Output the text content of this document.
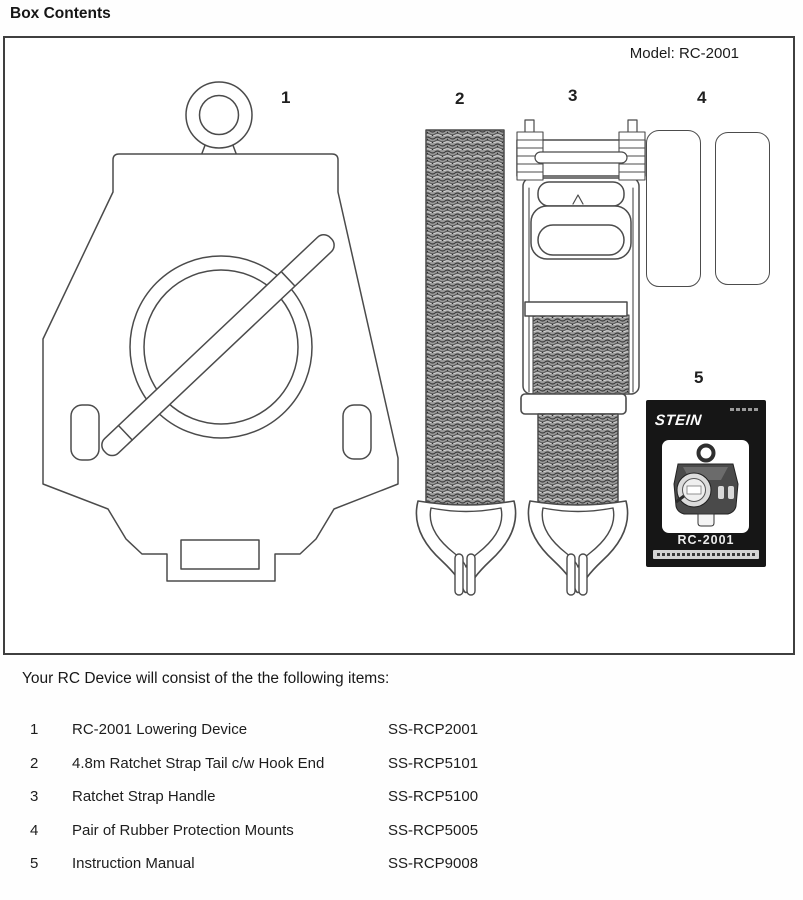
Box Contents
Model: RC-2001
STEIN
RC-2001
1	2	3	4
5
Your RC Device will consist of the the following items:
1 RC-2001 Lowering Device	SS-RCP2001
2 4.8m Ratchet Strap Tail c/w Hook End	SS-RCP5101
3 Ratchet Strap Handle	SS-RCP5100
4 Pair of Rubber Protection Mounts	SS-RCP5005
5 Instruction Manual	SS-RCP9008
